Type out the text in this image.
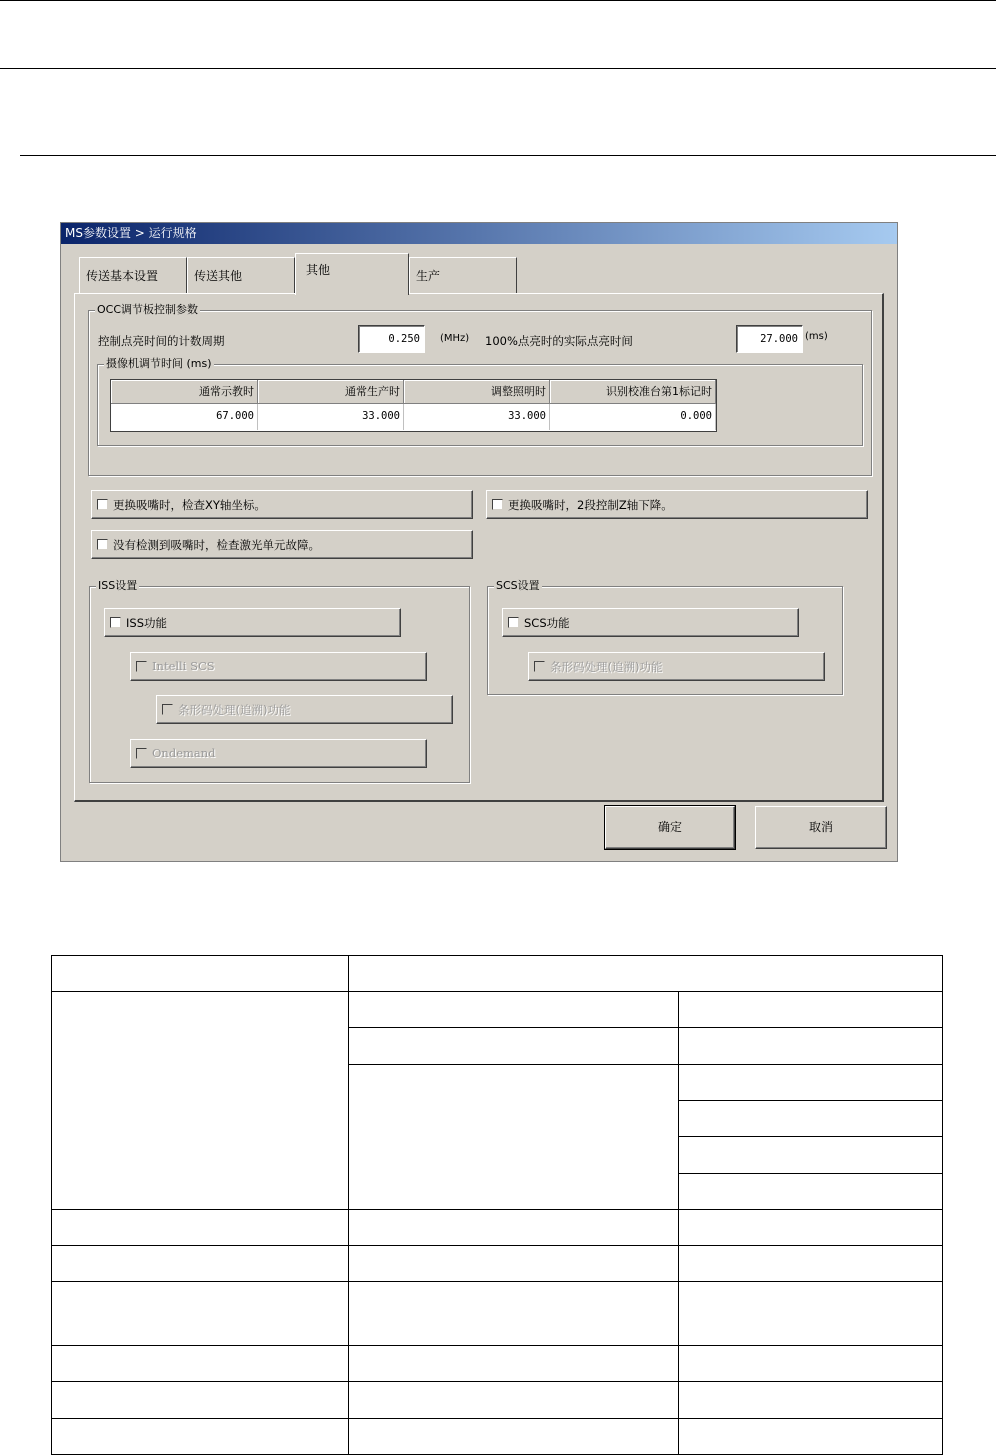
MS参数设置 > 运行规格
传送基本设置	传送其他	其他	生产
OCC调节板控制参数
控制点亮时间的计数周期	0.250	(MHz) 100%点亮时的实际点亮时间	27.000 (ms)
摄像机调节时间 (ms)
通常示教时	通常生产时	调整照明时	识别校准台第1标记时
67.000	33.000	33.000	0.000
更换吸嘴时，检查XY轴坐标。	更换吸嘴时，2段控制Z轴下降。
没有检测到吸嘴时，检查激光单元故障。
ISS设置
ISS功能
Intelli SCS
条形码处理(追溯)功能
Ondemand
SCS设置
SCS功能
条形码处理(追溯)功能
确定	取消
